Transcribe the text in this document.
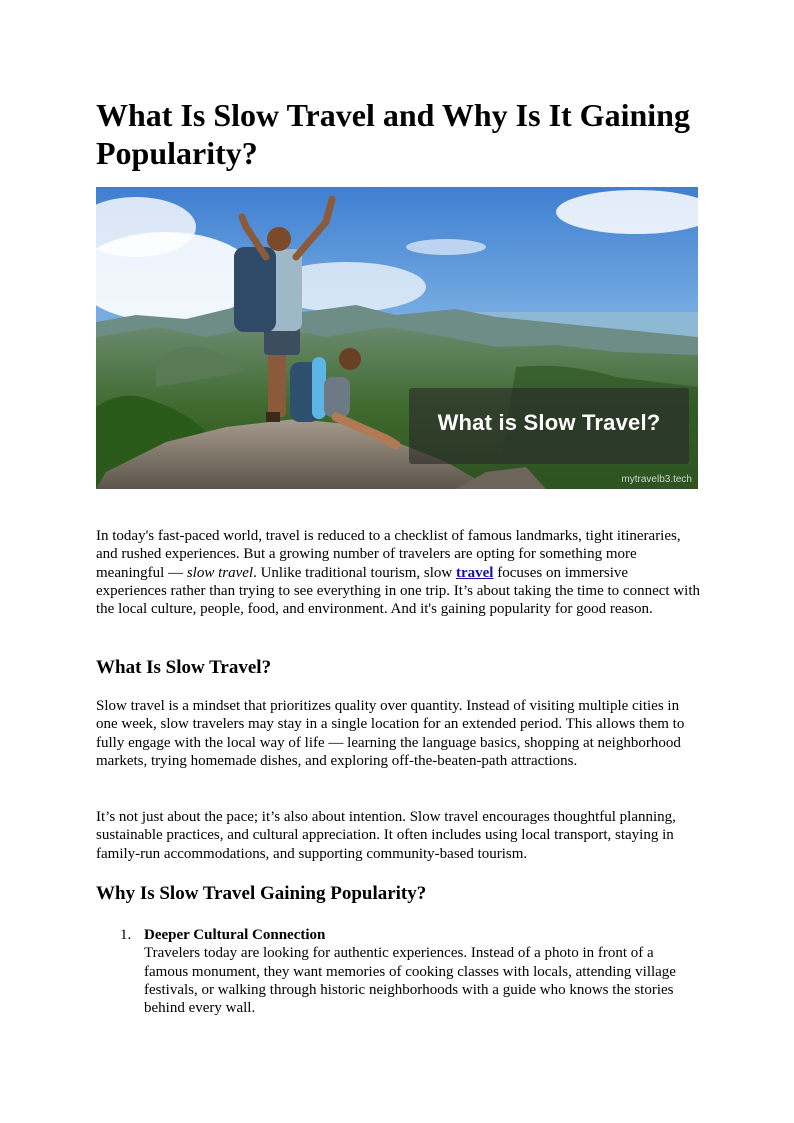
What Is Slow Travel and Why Is It Gaining Popularity?
What is Slow Travel?
mytravelb3.tech

In today's fast-paced world, travel is reduced to a checklist of famous landmarks, tight itineraries, and rushed experiences. But a growing number of travelers are opting for something more meaningful — slow travel. Unlike traditional tourism, slow travel focuses on immersive experiences rather than trying to see everything in one trip. It’s about taking the time to connect with the local culture, people, food, and environment. And it's gaining popularity for good reason.

What Is Slow Travel?

Slow travel is a mindset that prioritizes quality over quantity. Instead of visiting multiple cities in one week, slow travelers may stay in a single location for an extended period. This allows them to fully engage with the local way of life — learning the language basics, shopping at neighborhood markets, trying homemade dishes, and exploring off-the-beaten-path attractions.

It’s not just about the pace; it’s also about intention. Slow travel encourages thoughtful planning, sustainable practices, and cultural appreciation. It often includes using local transport, staying in family-run accommodations, and supporting community-based tourism.

Why Is Slow Travel Gaining Popularity?
1. Deeper Cultural Connection
Travelers today are looking for authentic experiences. Instead of a photo in front of a famous monument, they want memories of cooking classes with locals, attending village festivals, or walking through historic neighborhoods with a guide who knows the stories behind every wall.
